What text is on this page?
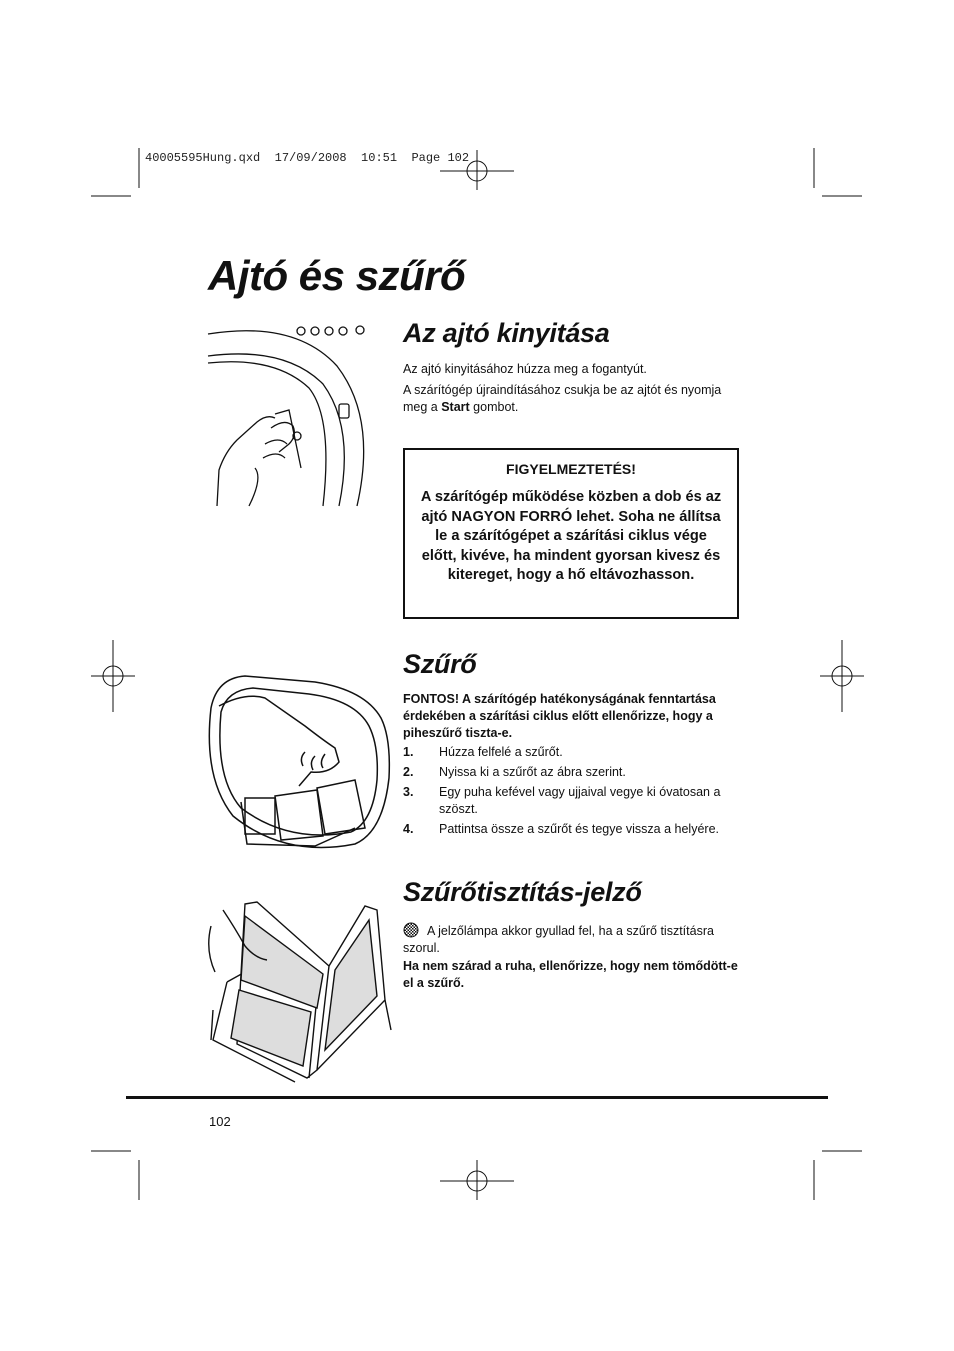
40005595Hung.qxd  17/09/2008  10:51  Page 102
Ajtó és szűrő
Az ajtó kinyitása

Az ajtó kinyitásához húzza meg a fogantyút.

A szárítógép újraindításához csukja be az ajtót és nyomja meg a Start gombot.

FIGYELMEZTETÉS!

A szárítógép működése közben a dob és az ajtó NAGYON FORRÓ lehet. Soha ne állítsa le a szárítógépet a szárítási ciklus vége előtt, kivéve, ha mindent gyorsan kivesz és kitereget, hogy a hő eltávozhasson.

Szűrő

FONTOS! A szárítógép hatékonyságának fenntartása érdekében a szárítási ciklus előtt ellenőrizze, hogy a piheszűrő tiszta-e.

1.	Húzza felfelé a szűrőt.
2.	Nyissa ki a szűrőt az ábra szerint.
3.	Egy puha kefével vagy ujjaival vegye ki óvatosan a szöszt.
4.	Pattintsa össze a szűrőt és tegye vissza a helyére.
Szűrőtisztítás-jelző

A jelzőlámpa akkor gyullad fel, ha a szűrő tisztításra szorul.

Ha nem szárad a ruha, ellenőrizze, hogy nem tömődött-e el a szűrő.

102
